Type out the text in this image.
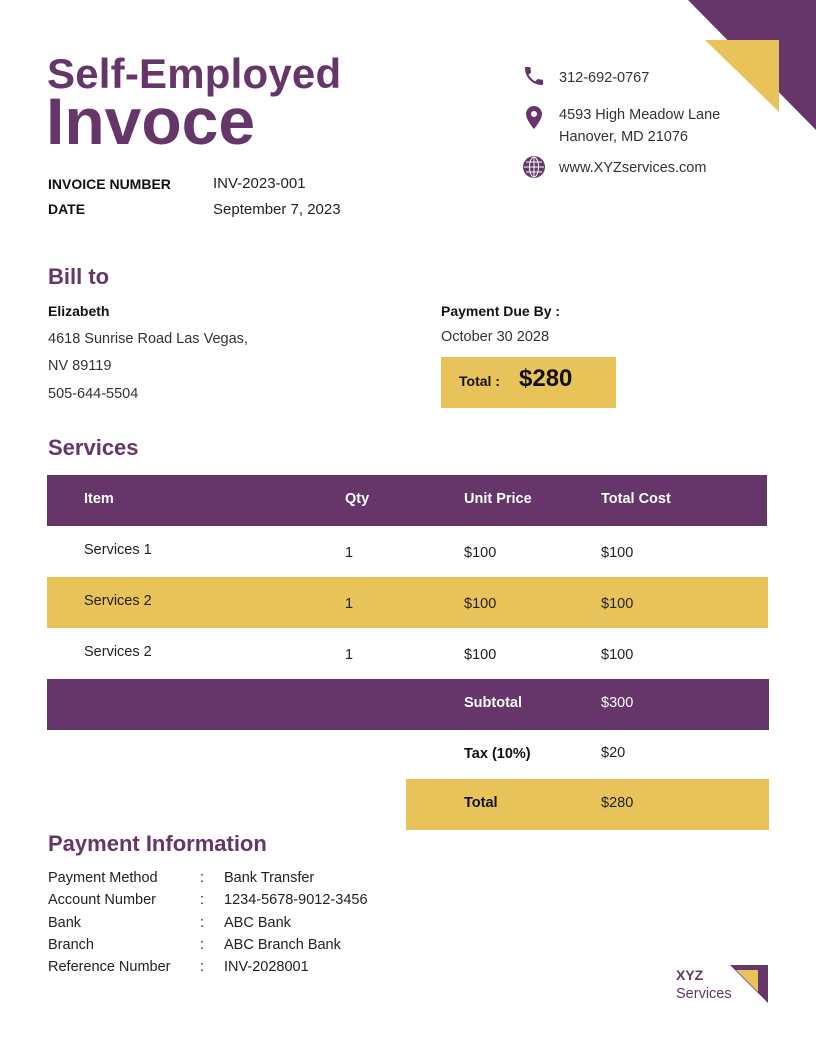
Self-Employed
Invoce
INVOICE NUMBER	INV-2023-001
DATE	September 7, 2023
312-692-0767
4593 High Meadow Lane
Hanover, MD 21076
www.XYZservices.com
Bill to
Elizabeth
4618 Sunrise Road Las Vegas,
NV 89119
505-644-5504
Payment Due By :
October 30 2028
Total : $280
Services
Item	Qty	Unit Price	Total Cost
Services 1	1	$100	$100
Services 2	1	$100	$100
Services 2	1	$100	$100
Subtotal	$300
Tax (10%)	$20
Total	$280
Payment Information
Payment Method	: Bank Transfer
Account Number	: 1234-5678-9012-3456
Bank	: ABC Bank
Branch	: ABC Branch Bank
Reference Number : INV-2028001	XYZ
Services
